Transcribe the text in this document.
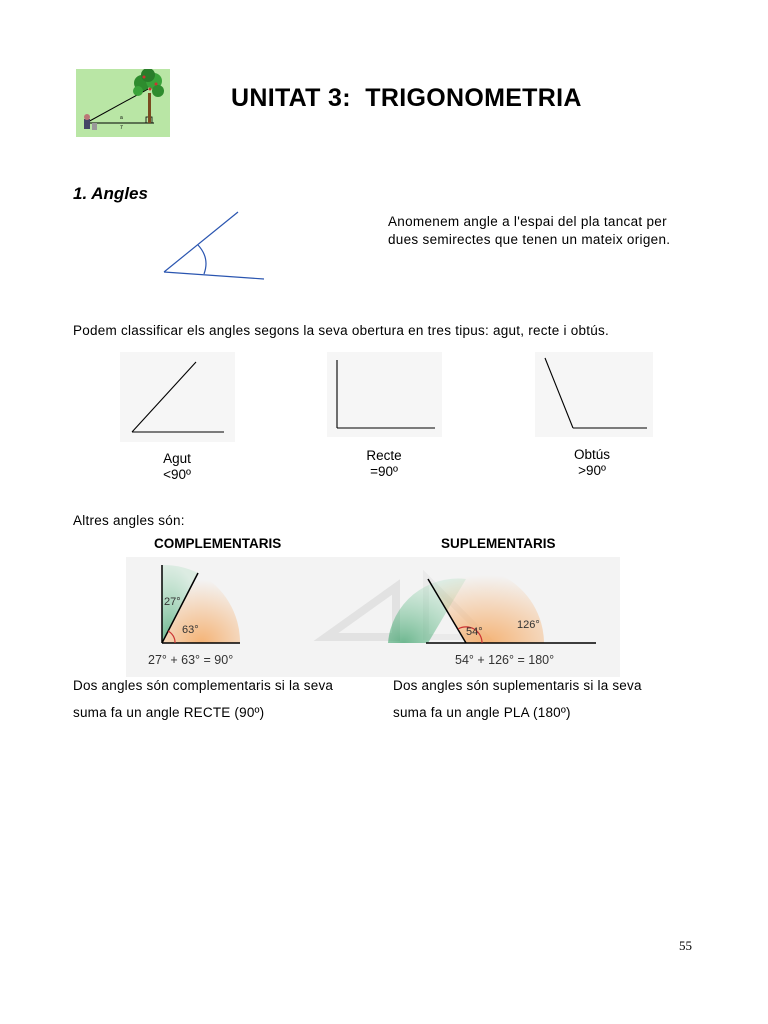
a
7
UNITAT 3:  TRIGONOMETRIA
1. Angles
Anomenem angle a l'espai del pla tancat per dues semirectes que tenen un mateix origen.
Podem classificar els angles segons la seva obertura en tres tipus: agut, recte i obtús.
Agut
<90º
Recte
=90º
Obtús
>90º
Altres angles són:
COMPLEMENTARIS	SUPLEMENTARIS
27°
63°
27° + 63° = 90°
54°
126°
54° + 126° = 180°
Dos angles són complementaris si la seva
suma fa un angle RECTE (90º)
Dos angles són suplementaris si la seva
suma fa un angle PLA (180º)
55
